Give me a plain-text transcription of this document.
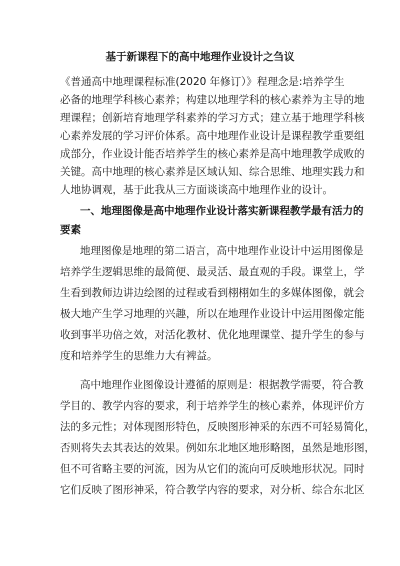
基于新课程下的高中地理作业设计之刍议
《普通高中地理课程标准(2020 年修订）》程理念是:培养学生
必备的地理学科核心素养；构建以地理学科的核心素养为主导的地
理课程；创新培育地理学科素养的学习方式；建立基于地理学科核
心素养发展的学习评价体系。高中地理作业设计是课程教学重要组
成部分，作业设计能否培养学生的核心素养是高中地理教学成败的
关键。高中地理的核心素养是区域认知、综合思维、地理实践力和
人地协调观，基于此我从三方面谈谈高中地理作业的设计。
一、地理图像是高中地理作业设计落实新课程教学最有活力的
要素
地理图像是地理的第二语言，高中地理作业设计中运用图像是
培养学生逻辑思维的最简便、最灵活、最直观的手段。课堂上，学
生看到教师边讲边绘图的过程或看到栩栩如生的多媒体图像，就会
极大地产生学习地理的兴趣，所以在地理作业设计中运用图像定能
收到事半功倍之效，对活化教材、优化地理课堂、提升学生的参与
度和培养学生的思维力大有裨益。
高中地理作业图像设计遵循的原则是：根据教学需要，符合教
学目的、教学内容的要求，利于培养学生的核心素养，体现评价方
法的多元性；对体现图形特色，反映图形神采的东西不可轻易简化，
否则将失去其表达的效果。例如东北地区地形略图，虽然是地形图，
但不可省略主要的河流，因为从它们的流向可反映地形状况。同时
它们反映了图形神采，符合教学内容的要求，对分析、综合东北区
